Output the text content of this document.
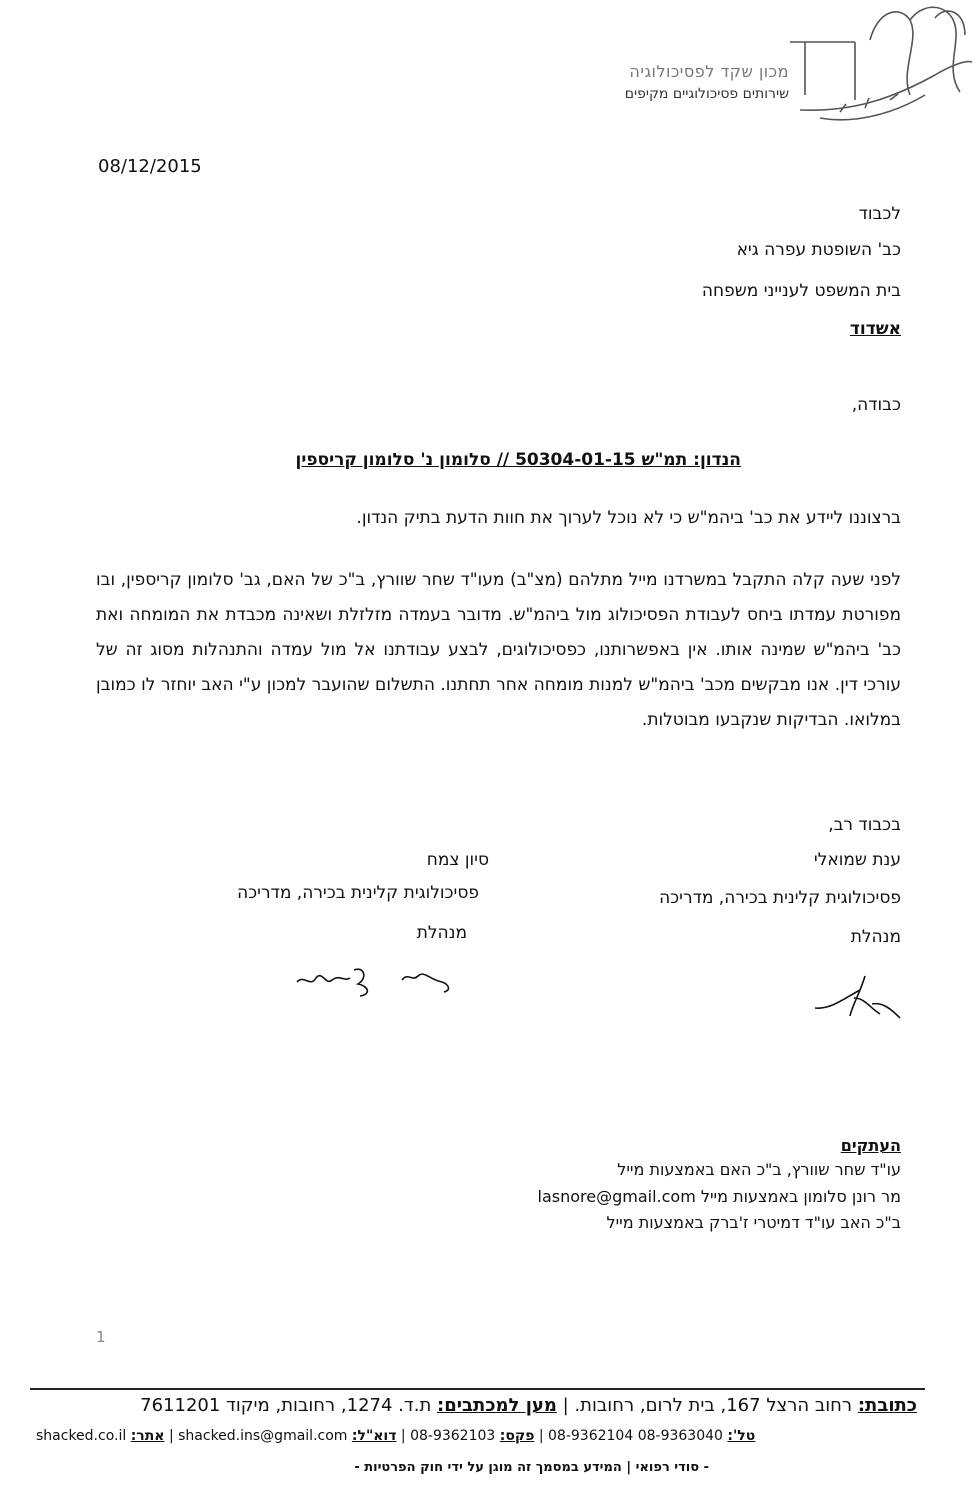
מכון שקד לפסיכולוגיה
שירותים פסיכולוגיים מקיפים
08/12/2015
לכבוד
כב' השופטת עפרה גיא
בית המשפט לענייני משפחה
אשדוד
כבודה,
הנדון: תמ"ש 50304-01-15 // סלומון נ' סלומון קריספין
ברצוננו ליידע את כב' ביהמ"ש כי לא נוכל לערוך את חוות הדעת בתיק הנדון.
לפני שעה קלה התקבל במשרדנו מייל מתלהם (מצ"ב) מעו"ד שחר שוורץ, ב"כ של האם, גב' סלומון קריספין, ובו מפורטת עמדתו ביחס לעבודת הפסיכולוג מול ביהמ"ש. מדובר בעמדה מזלזלת ושאינה מכבדת את המומחה ואת כב' ביהמ"ש שמינה אותו. אין באפשרותנו, כפסיכולוגים, לבצע עבודתנו אל מול עמדה והתנהלות מסוג זה של עורכי דין. אנו מבקשים מכב' ביהמ"ש למנות מומחה אחר תחתנו. התשלום שהועבר למכון ע"י האב יוחזר לו כמובן במלואו. הבדיקות שנקבעו מבוטלות.
בכבוד רב,
ענת שמואלי
פסיכולוגית קלינית בכירה, מדריכה
מנהלת
סיון צמח
פסיכולוגית קלינית בכירה, מדריכה
מנהלת
העתקים
עו"ד שחר שוורץ, ב"כ האם באמצעות מייל
מר רונן סלומון באמצעות מייל lasnore@gmail.com
ב"כ האב עו"ד דמיטרי ז'ברק באמצעות מייל
1
כתובת: רחוב הרצל 167, בית לרום, רחובות. | מען למכתבים: ת.ד. 1274, רחובות, מיקוד 7611201
טל': 08-9363040 08-9362104 | פקס: 08-9362103 | דוא"ל: shacked.ins@gmail.com | אתר: shacked.co.il
- סודי רפואי | המידע במסמך זה מוגן על ידי חוק הפרטיות -
